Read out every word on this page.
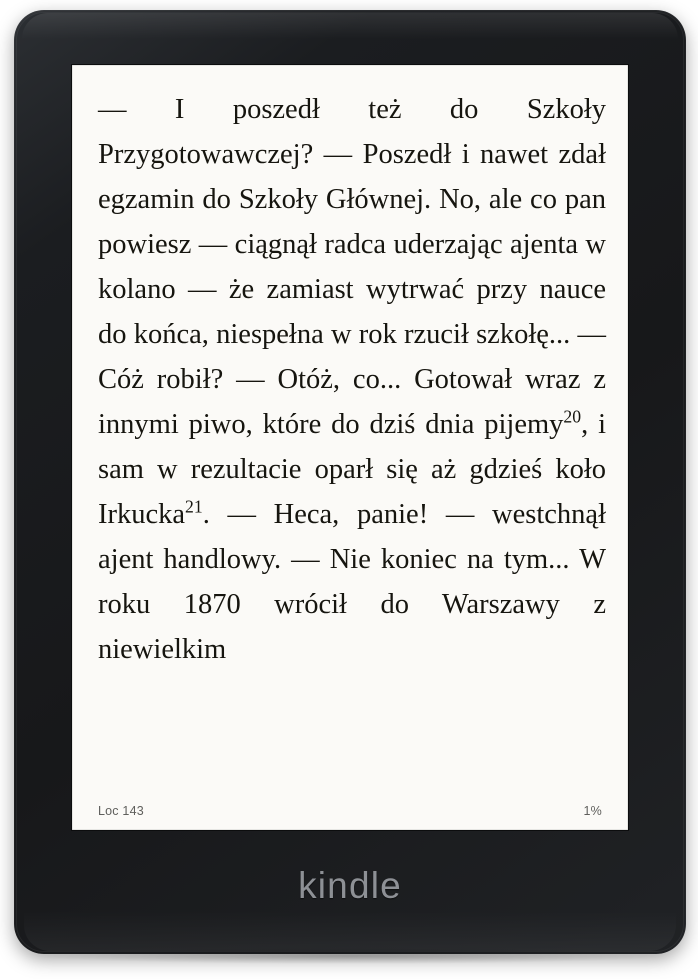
— I poszedł też do Szkoły Przygotowawczej? — Poszedł i nawet zdał egzamin do Szkoły Głównej. No, ale co pan powiesz — ciągnął radca uderzając ajenta w kolano — że zamiast wytrwać przy nauce do końca, niespełna w rok rzucił szkołę... — Cóż robił? — Otóż, co... Gotował wraz z innymi piwo, które do dziś dnia pijemy$^{20}$, i sam w rezultacie oparł się aż gdzieś koło Irkucka$^{21}$. — Heca, panie! — westchnął ajent handlowy. — Nie koniec na tym... W roku 1870 wrócił do Warszawy z niewielkim
Loc 143	1%
kindle
